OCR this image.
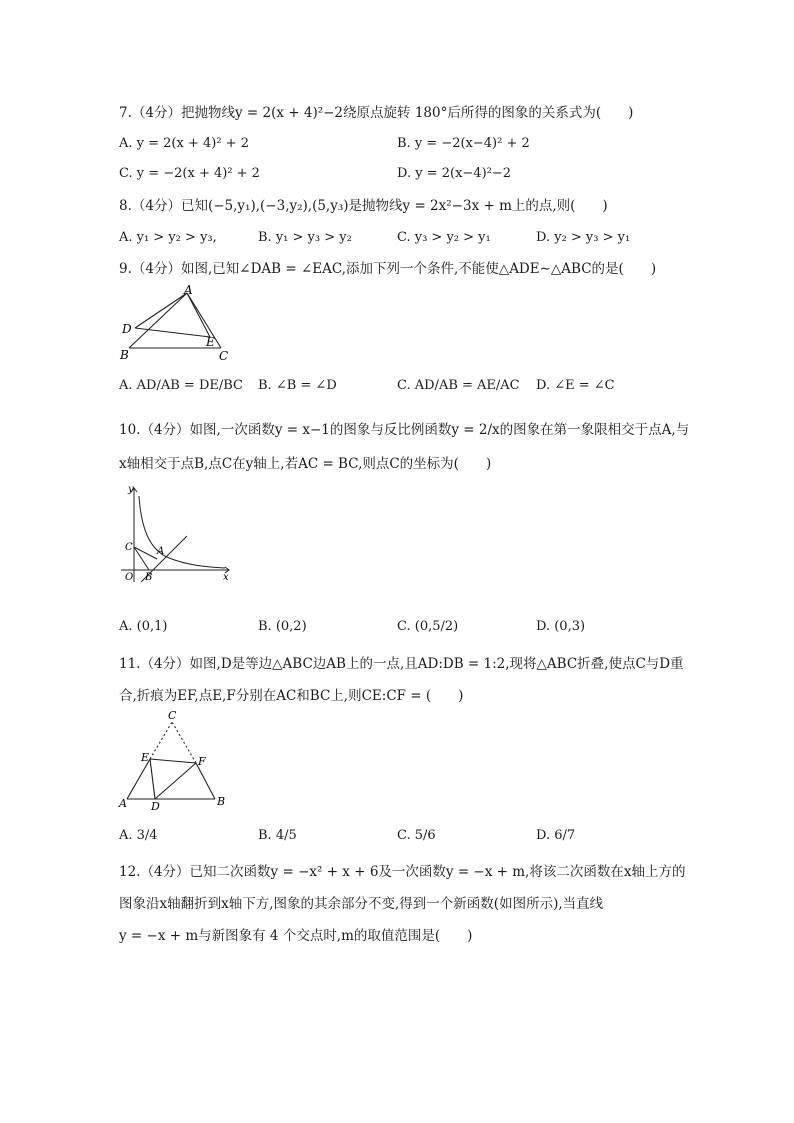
7.（4分）把抛物线y = 2(x + 4)²−2绕原点旋转 180°后所得的图象的关系式为(　　)
A. y = 2(x + 4)² + 2	B. y = −2(x−4)² + 2
C. y = −2(x + 4)² + 2	D. y = 2(x−4)²−2
8.（4分）已知(−5,y₁),(−3,y₂),(5,y₃)是抛物线y = 2x²−3x + m上的点,则(　　)
A. y₁ > y₂ > y₃,	B. y₁ > y₃ > y₂	C. y₃ > y₂ > y₁	D. y₂ > y₃ > y₁
9.（4分）如图,已知∠DAB = ∠EAC,添加下列一个条件,不能使△ADE∼△ABC的是(　　)
A
B	C
D
E
A. AD/AB = DE/BC B. ∠B = ∠D	C. AD/AB = AE/AC D. ∠E = ∠C
10.（4分）如图,一次函数y = x−1的图象与反比例函数y = 2/x的图象在第一象限相交于点A,与
x轴相交于点B,点C在y轴上,若AC = BC,则点C的坐标为(　　)
y
x
O
A
B
C
A. (0,1)	B. (0,2)	C. (0,5/2)	D. (0,3)
11.（4分）如图,D是等边△ABC边AB上的一点,且AD:DB = 1:2,现将△ABC折叠,使点C与D重
合,折痕为EF,点E,F分别在AC和BC上,则CE:CF = (　　)
C
E	F
A D	B
A. 3/4	B. 4/5	C. 5/6	D. 6/7
12.（4分）已知二次函数y = −x² + x + 6及一次函数y = −x + m,将该二次函数在x轴上方的
图象沿x轴翻折到x轴下方,图象的其余部分不变,得到一个新函数(如图所示),当直线
y = −x + m与新图象有 4 个交点时,m的取值范围是(　　)
